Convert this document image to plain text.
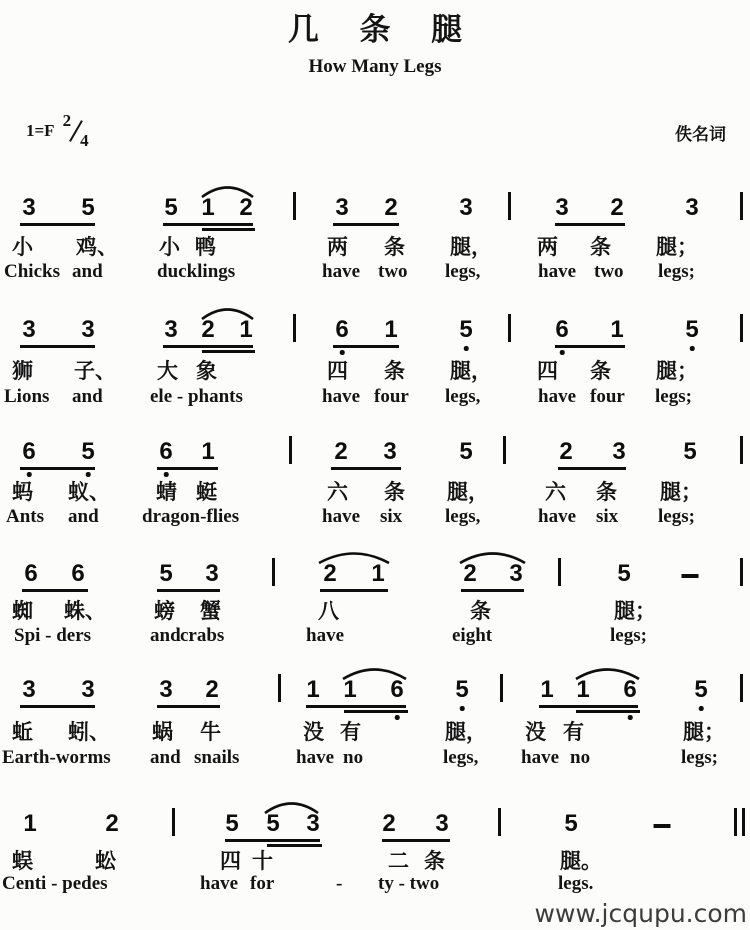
几 条 腿
How Many Legs
1=F
2
4	佚名词
3 5	5 1 2	3 2	3	3 2	3
小 鸡、 小 鸭	两 条 腿， 两 条 腿；
Chicks and	ducklings	have two legs,	have two legs;
3 3	3 2 1	6 1	5	6 1	5
狮 子、 大 象	四 条 腿， 四 条 腿；
Lions and ele - phants	have four legs,	have four legs;
6 5	6 1	2 3	5	2 3 5
蚂 蚁、 蜻 蜓	六 条 腿，	六 条 腿；
Ants and dragon-flies	have six legs,	have six legs;
6 6	5 3	2 1	2 3	5
蜘 蛛、 螃 蟹	八	条	腿；
Spi - ders	and crabs	have	eight	legs;
3 3	3 2	1 1 6 5	1 1 6 5
蚯 蚓、 蜗 牛	没 有	腿， 没 有	腿；
Earth-worms and snails	have no	legs, have no	legs;
1	2	5 5 3	2 3	5
蜈	蚣	四 十	二 条	腿。
Centi - pedes	have for	- ty - two	legs.
www.jcqupu.com
